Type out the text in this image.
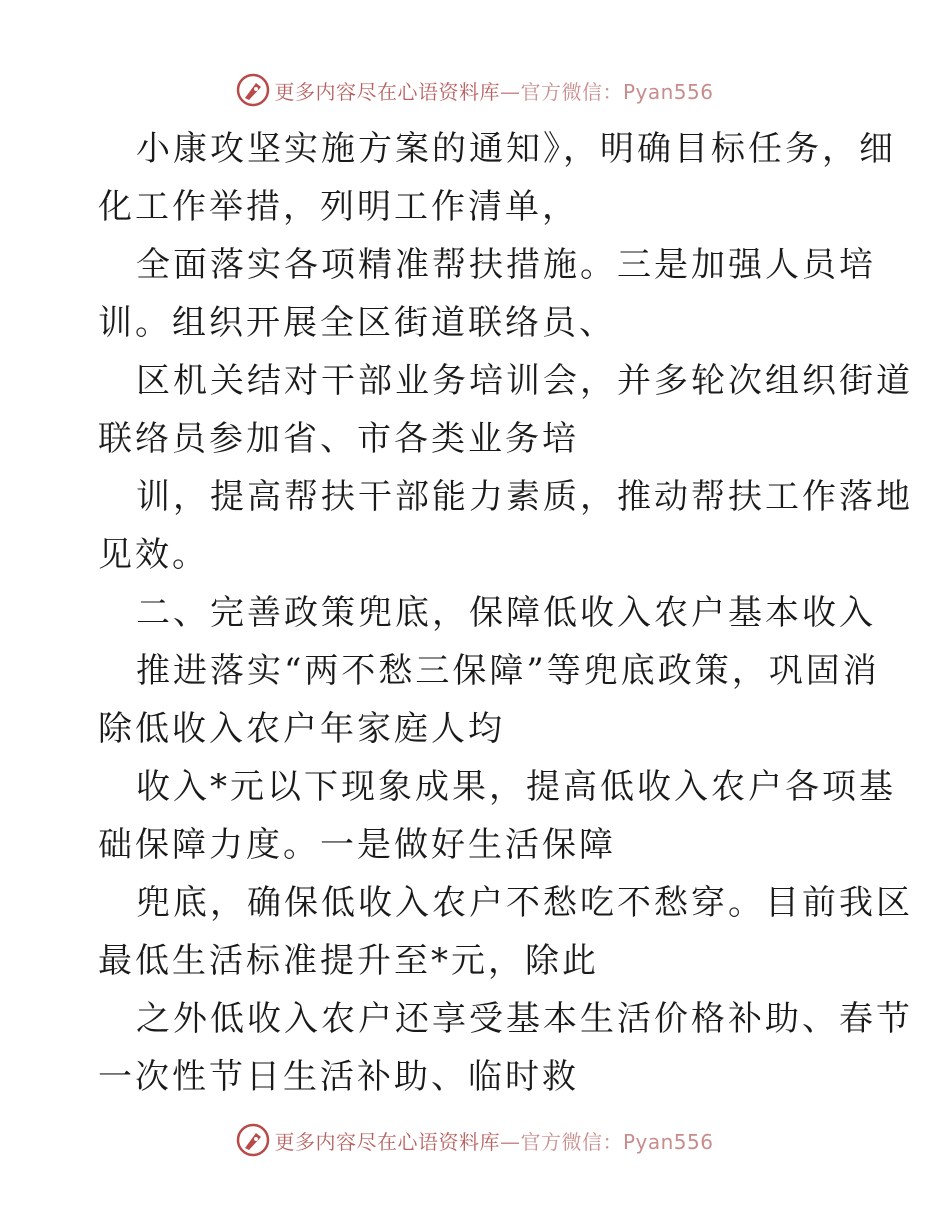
更多内容尽在心语资料库—官方微信：Pyan556

小康攻坚实施方案的通知》，明确目标任务，细

化工作举措，列明工作清单，

全面落实各项精准帮扶措施。三是加强人员培

训。组织开展全区街道联络员、

区机关结对干部业务培训会，并多轮次组织街道

联络员参加省、市各类业务培

训，提高帮扶干部能力素质，推动帮扶工作落地

见效。

二、完善政策兜底，保障低收入农户基本收入

推进落实“两不愁三保障”等兜底政策，巩固消

除低收入农户年家庭人均

收入*元以下现象成果，提高低收入农户各项基

础保障力度。一是做好生活保障

兜底，确保低收入农户不愁吃不愁穿。目前我区

最低生活标准提升至*元，除此

之外低收入农户还享受基本生活价格补助、春节

一次性节日生活补助、临时救

更多内容尽在心语资料库—官方微信：Pyan556
